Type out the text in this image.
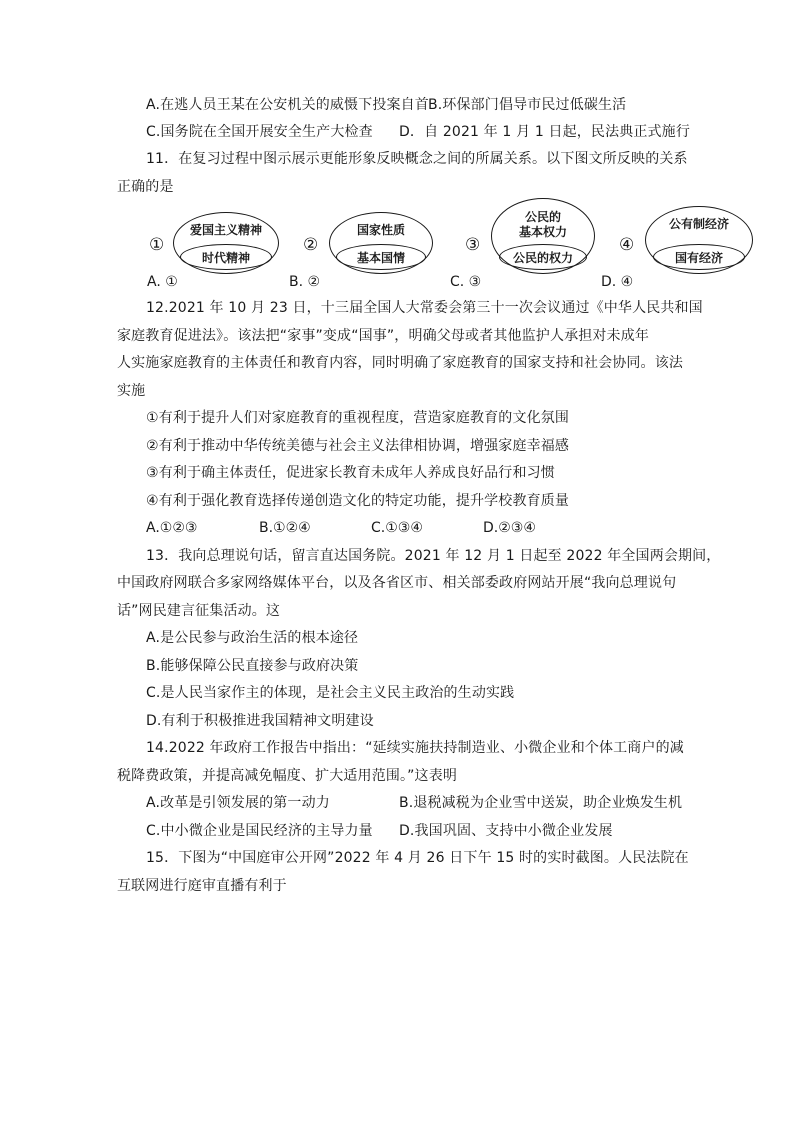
A.在逃人员王某在公安机关的威慑下投案自首 B.环保部门倡导市民过低碳生活
C.国务院在全国开展安全生产大检查 D．自 2021 年 1 月 1 日起，民法典正式施行
11．在复习过程中图示展示更能形象反映概念之间的所属关系。以下图文所反映的关系
正确的是
①
爱国主义精神
时代精神
A. ①
②
国家性质
基本国情
B. ②
③
公民的
基本权力
公民的权力
C. ③
④
公有制经济
国有经济
D. ④
12.2021 年 10 月 23 日，十三届全国人大常委会第三十一次会议通过《中华人民共和国
家庭教育促进法》。该法把“家事”变成“国事”，明确父母或者其他监护人承担对未成年
人实施家庭教育的主体责任和教育内容，同时明确了家庭教育的国家支持和社会协同。该法
实施
①有利于提升人们对家庭教育的重视程度，营造家庭教育的文化氛围
②有利于推动中华传统美德与社会主义法律相协调，增强家庭幸福感
③有利于确主体责任，促进家长教育未成年人养成良好品行和习惯
④有利于强化教育选择传递创造文化的特定功能，提升学校教育质量
A.①②③	B.①②④	C.①③④	D.②③④
13．我向总理说句话，留言直达国务院。2021 年 12 月 1 日起至 2022 年全国两会期间，
中国政府网联合多家网络媒体平台，以及各省区市、相关部委政府网站开展“我向总理说句
话”网民建言征集活动。这
A.是公民参与政治生活的根本途径
B.能够保障公民直接参与政府决策
C.是人民当家作主的体现，是社会主义民主政治的生动实践
D.有利于积极推进我国精神文明建设
14.2022 年政府工作报告中指出：“延续实施扶持制造业、小微企业和个体工商户的减
税降费政策，并提高减免幅度、扩大适用范围。”这表明
A.改革是引领发展的第一动力	B.退税减税为企业雪中送炭，助企业焕发生机
C.中小微企业是国民经济的主导力量 D.我国巩固、支持中小微企业发展
15．下图为“中国庭审公开网”2022 年 4 月 26 日下午 15 时的实时截图。人民法院在
互联网进行庭审直播有利于
